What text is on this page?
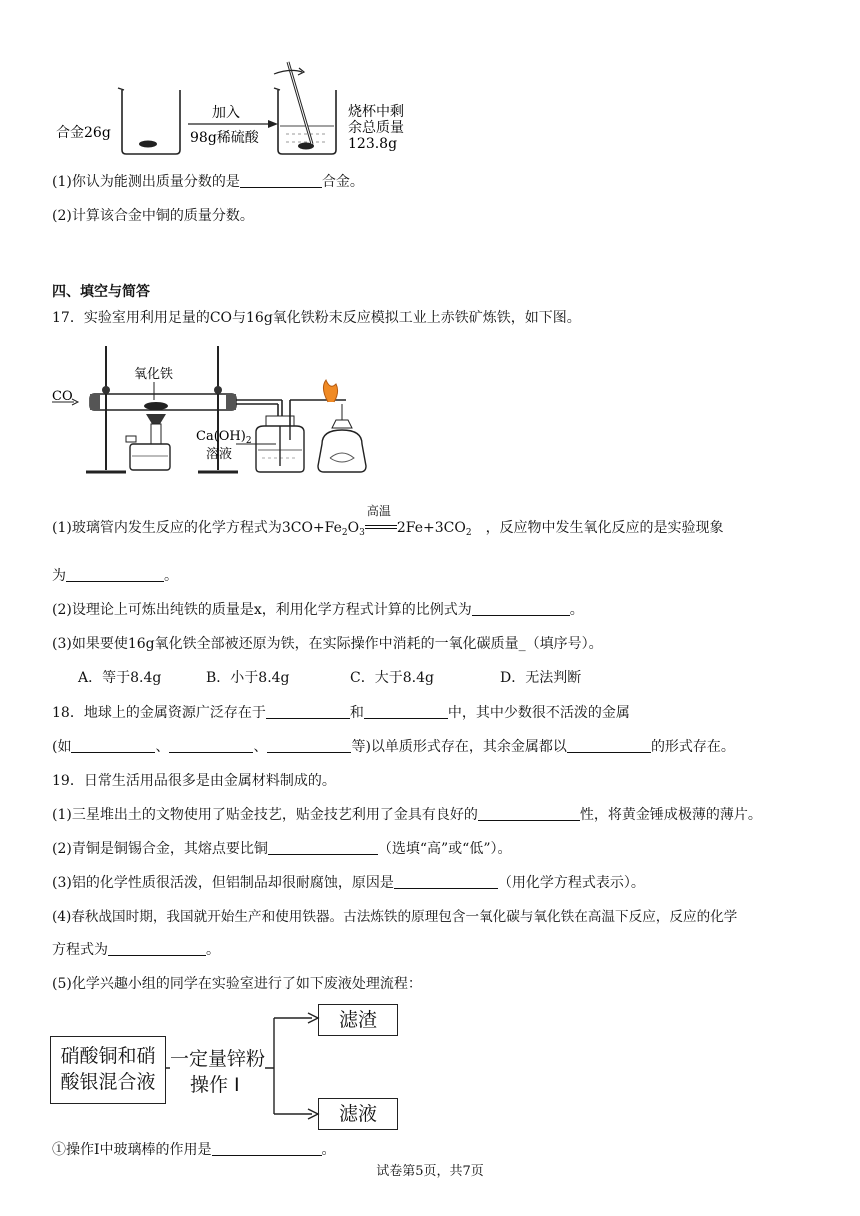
合金26g
加入
98g稀硫酸
烧杯中剩
余总质量
123.8g
(1)你认为能测出质量分数的是	合金。
(2)计算该合金中铜的质量分数。
四、填空与简答
17．实验室用利用足量的CO与16g氧化铁粉末反应模拟工业上赤铁矿炼铁，如下图。
CO
氧化铁
$Ca(OH)_2$
溶液
(1)玻璃管内发生反应的化学方程式为$3CO+Fe_2O_3$
高温
$2Fe+3CO_2$ ，反应物中发生氧化反应的是实验现象
为	。
(2)设理论上可炼出纯铁的质量是x，利用化学方程式计算的比例式为	。
(3)如果要使16g氧化铁全部被还原为铁，在实际操作中消耗的一氧化碳质量_（填序号）。
A．等于8.4g	B．小于8.4g	C．大于8.4g	D．无法判断
18．地球上的金属资源广泛存在于	和	中，其中少数很不活泼的金属
(如	、	、	等)以单质形式存在，其余金属都以	的形式存在。
19．日常生活用品很多是由金属材料制成的。
(1)三星堆出土的文物使用了贴金技艺，贴金技艺利用了金具有良好的	性，将黄金锤成极薄的薄片。
(2)青铜是铜锡合金，其熔点要比铜	（选填“高”或“低”）。
(3)铝的化学性质很活泼，但铝制品却很耐腐蚀，原因是	（用化学方程式表示）。
(4)春秋战国时期，我国就开始生产和使用铁器。古法炼铁的原理包含一氧化碳与氧化铁在高温下反应，反应的化学
方程式为	。
(5)化学兴趣小组的同学在实验室进行了如下废液处理流程：
硝酸铜和硝
酸银混合液
一定量锌粉
操作 I
滤渣
滤液
①操作I中玻璃棒的作用是	。
试卷第5页，共7页
